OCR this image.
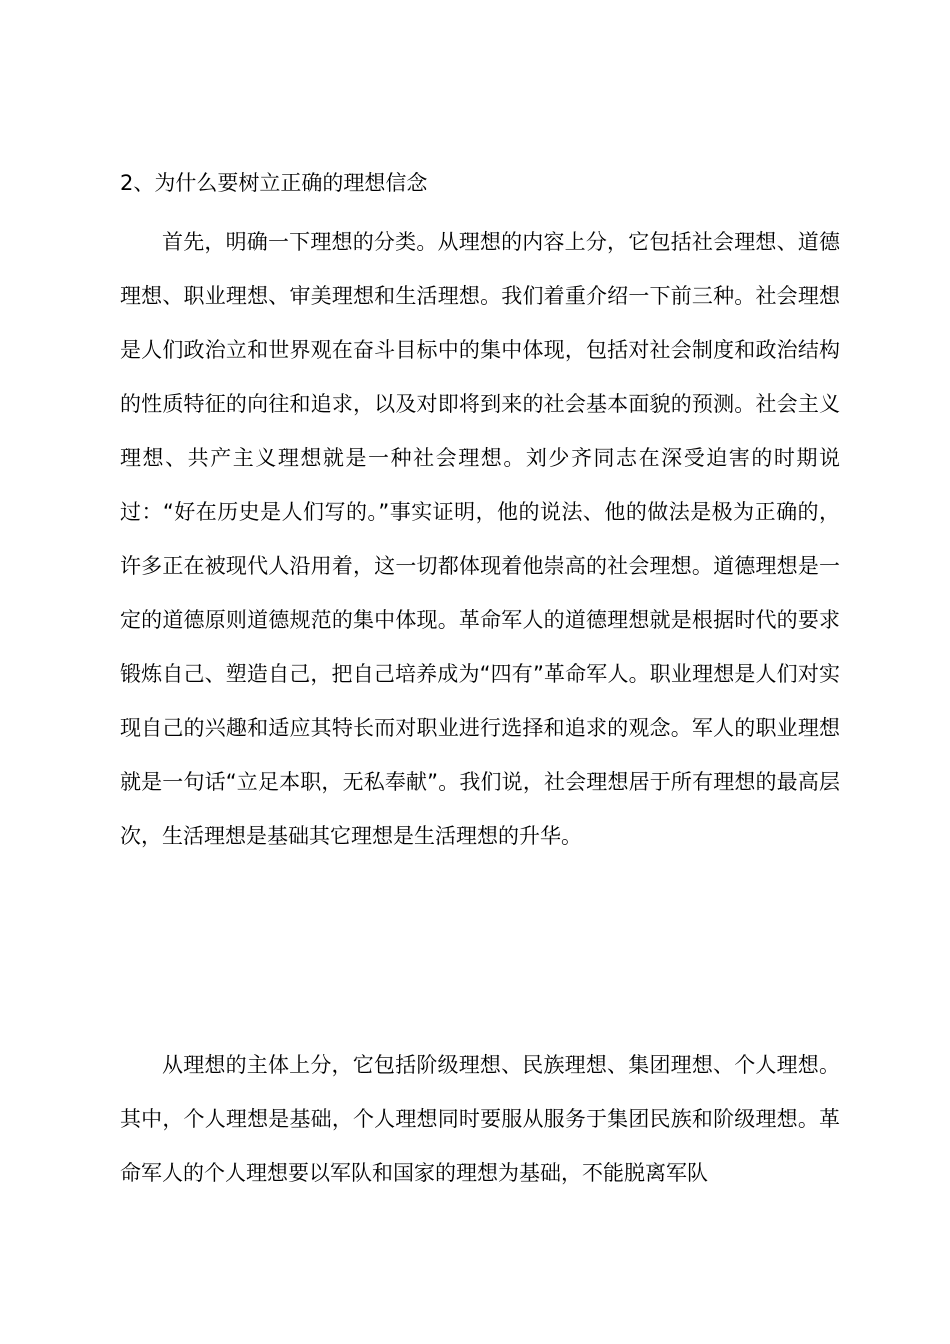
2、为什么要树立正确的理想信念

首先，明确一下理想的分类。从理想的内容上分，它包括社会理想、道德理想、职业理想、审美理想和生活理想。我们着重介绍一下前三种。社会理想是人们政治立和世界观在奋斗目标中的集中体现，包括对社会制度和政治结构的性质特征的向往和追求，以及对即将到来的社会基本面貌的预测。社会主义理想、共产主义理想就是一种社会理想。刘少齐同志在深受迫害的时期说过：“好在历史是人们写的。”事实证明，他的说法、他的做法是极为正确的，许多正在被现代人沿用着，这一切都体现着他崇高的社会理想。道德理想是一定的道德原则道德规范的集中体现。革命军人的道德理想就是根据时代的要求锻炼自己、塑造自己，把自己培养成为“四有”革命军人。职业理想是人们对实现自己的兴趣和适应其特长而对职业进行选择和追求的观念。军人的职业理想就是一句话“立足本职，无私奉献”。我们说，社会理想居于所有理想的最高层次，生活理想是基础其它理想是生活理想的升华。

从理想的主体上分，它包括阶级理想、民族理想、集团理想、个人理想。其中，个人理想是基础，个人理想同时要服从服务于集团民族和阶级理想。革命军人的个人理想要以军队和国家的理想为基础，不能脱离军队
